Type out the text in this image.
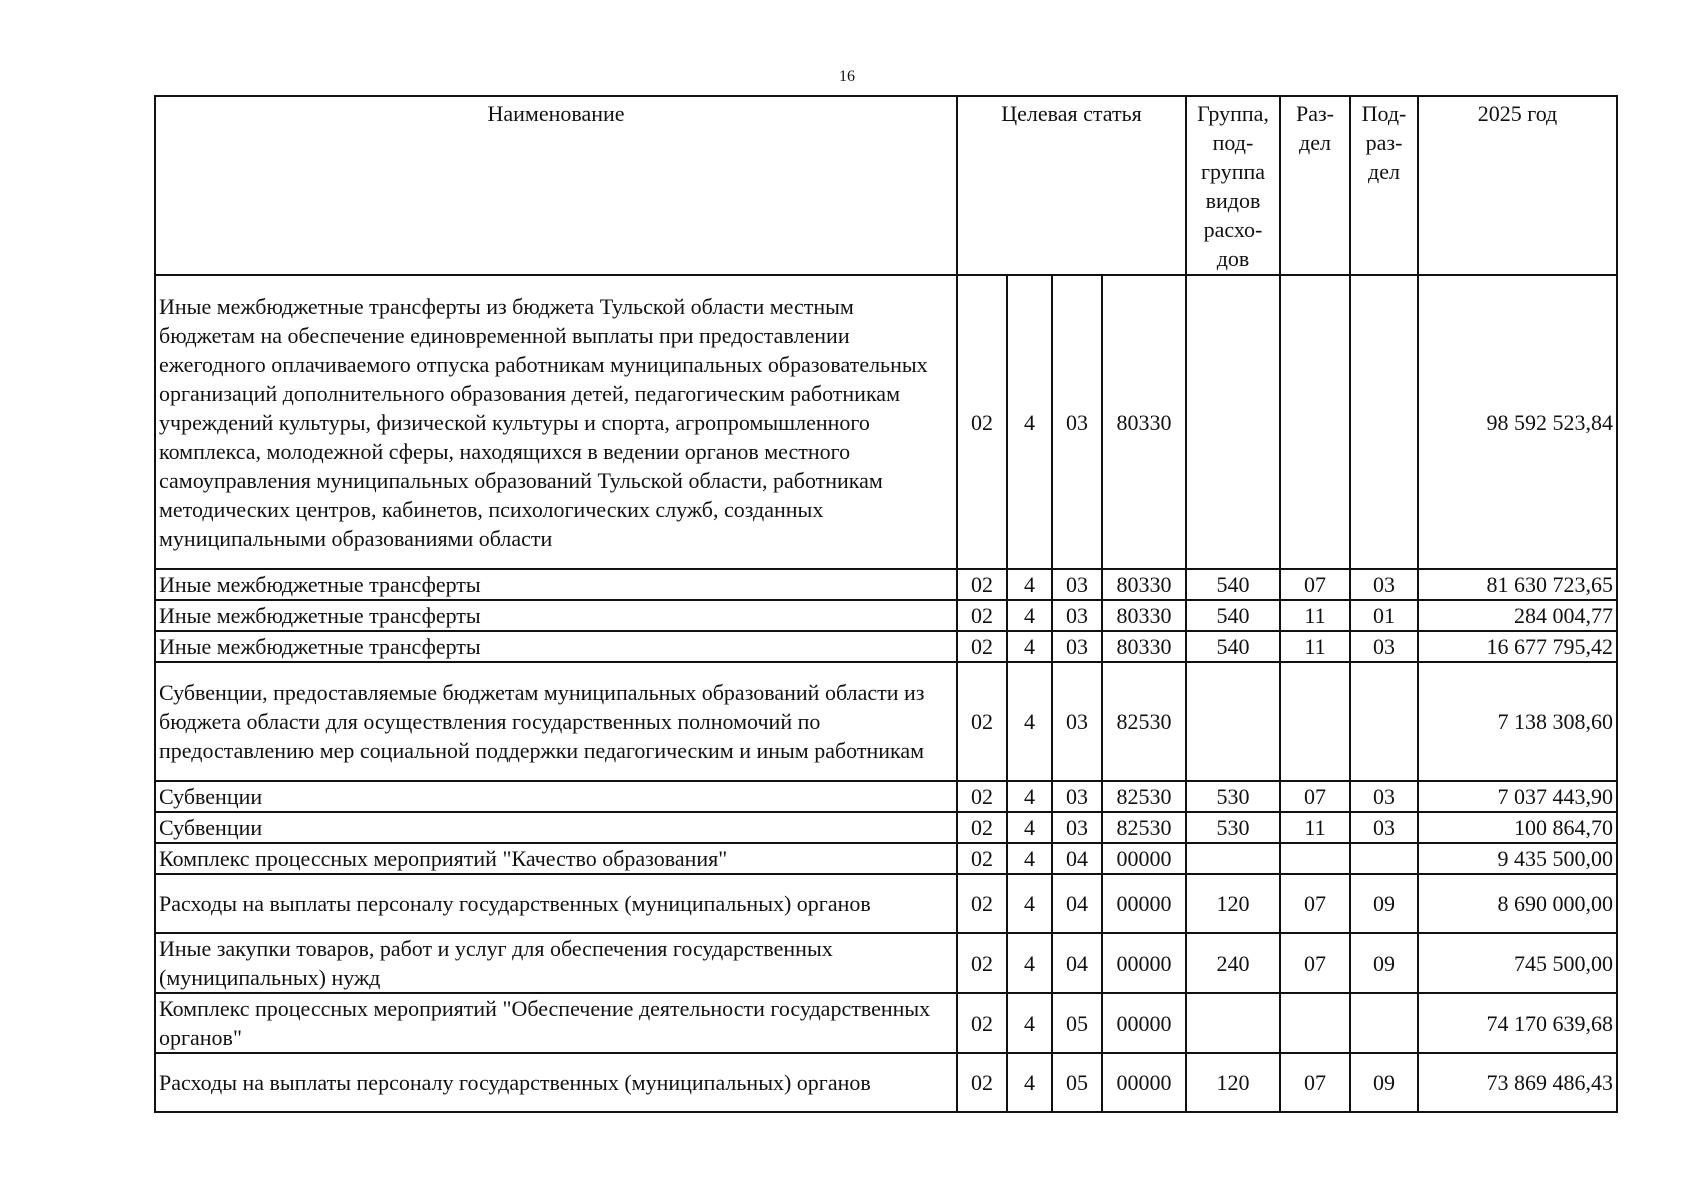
16
Наименование	Целевая статья				Группа, под-группа видов расхо-дов	Раз-дел	Под-раз-дел	2025 год
Иные межбюджетные трансферты из бюджета Тульской области местным бюджетам на обеспечение единовременной выплаты при предоставлении ежегодного оплачиваемого отпуска работникам муниципальных образовательных организаций дополнительного образования детей, педагогическим работникам учреждений культуры, физической культуры и спорта, агропромышленного комплекса, молодежной сферы, находящихся в ведении органов местного самоуправления муниципальных образований Тульской области, работникам методических центров, кабинетов, психологических служб, созданных муниципальными образованиями области	02	4	03	80330				98 592 523,84
Иные межбюджетные трансферты	02	4	03	80330	540	07	03	81 630 723,65
Иные межбюджетные трансферты	02	4	03	80330	540	11	01	284 004,77
Иные межбюджетные трансферты	02	4	03	80330	540	11	03	16 677 795,42
Субвенции, предоставляемые бюджетам муниципальных образований области из бюджета области для осуществления государственных полномочий по предоставлению мер социальной поддержки педагогическим и иным работникам	02	4	03	82530				7 138 308,60
Субвенции	02	4	03	82530	530	07	03	7 037 443,90
Субвенции	02	4	03	82530	530	11	03	100 864,70
Комплекс процессных мероприятий "Качество образования"	02	4	04	00000				9 435 500,00
Расходы на выплаты персоналу государственных (муниципальных) органов	02	4	04	00000	120	07	09	8 690 000,00
Иные закупки товаров, работ и услуг для обеспечения государственных (муниципальных) нужд	02	4	04	00000	240	07	09	745 500,00
Комплекс процессных мероприятий "Обеспечение деятельности государственных органов"	02	4	05	00000				74 170 639,68
Расходы на выплаты персоналу государственных (муниципальных) органов	02	4	05	00000	120	07	09	73 869 486,43
